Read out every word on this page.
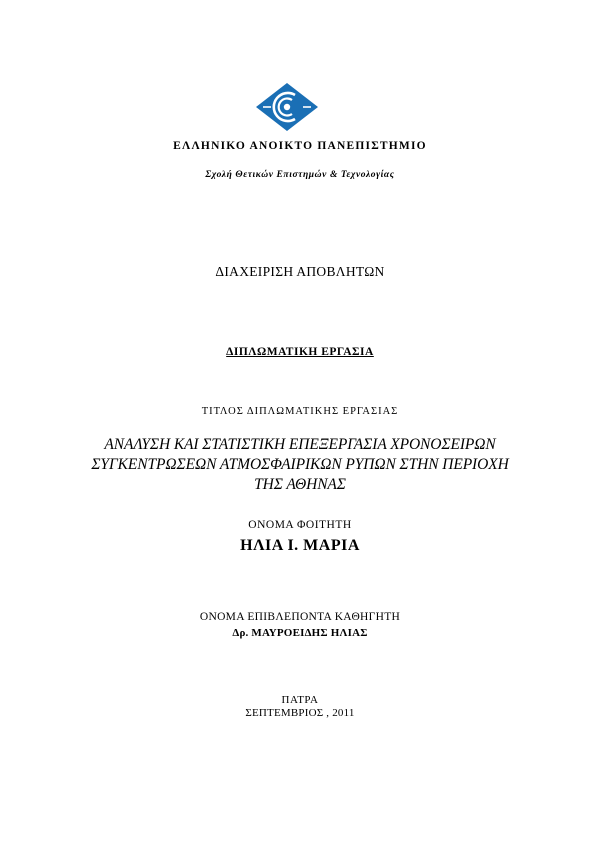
ΕΛΛΗΝΙΚΟ ΑΝΟΙΚΤΟ ΠΑΝΕΠΙΣΤΗΜΙΟ
Σχολή Θετικών Επιστημών & Τεχνολογίας
ΔΙΑΧΕΙΡΙΣΗ ΑΠΟΒΛΗΤΩΝ
ΔΙΠΛΩΜΑΤΙΚΗ ΕΡΓΑΣΙΑ
ΤΙΤΛΟΣ ΔΙΠΛΩΜΑΤΙΚΗΣ ΕΡΓΑΣΙΑΣ
ΑΝΑΛΥΣΗ ΚΑΙ ΣΤΑΤΙΣΤΙΚΗ ΕΠΕΞΕΡΓΑΣΙΑ ΧΡΟΝΟΣΕΙΡΩΝ
ΣΥΓΚΕΝΤΡΩΣΕΩΝ ΑΤΜΟΣΦΑΙΡΙΚΩΝ ΡΥΠΩΝ ΣΤΗΝ ΠΕΡΙΟΧΗ
ΤΗΣ ΑΘΗΝΑΣ
ΟΝΟΜΑ ΦΟΙΤΗΤΗ
ΗΛΙΑ Ι. ΜΑΡΙΑ
ΟΝΟΜΑ ΕΠΙΒΛΕΠΟΝΤΑ ΚΑΘΗΓΗΤΗ
Δρ. ΜΑΥΡΟΕΙΔΗΣ ΗΛΙΑΣ
ΠΑΤΡΑ
ΣΕΠΤΕΜΒΡΙΟΣ , 2011
